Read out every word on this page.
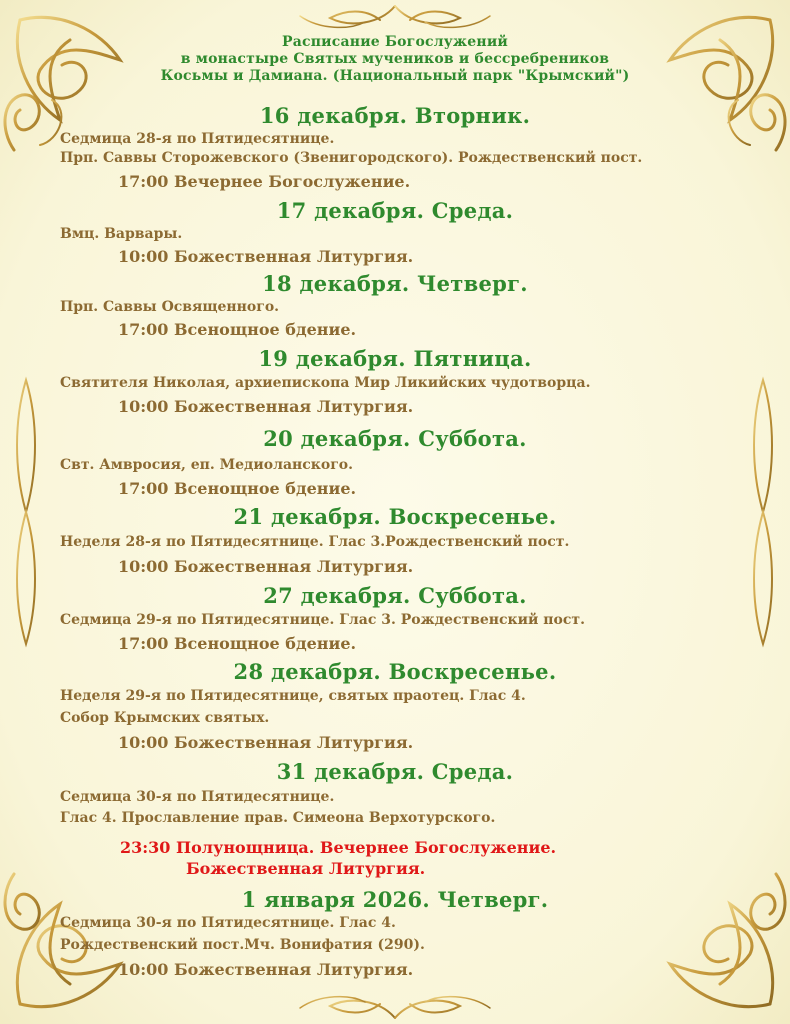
Расписание Богослужений
в монастыре Святых мучеников и бессребреников
Косьмы и Дамиана. (Национальный парк "Крымский")
16 декабря. Вторник.
Седмица 28-я по Пятидесятнице.
Прп. Саввы Сторожевского (Звенигородского). Рождественский пост.
17:00 Вечернее Богослужение.
17 декабря. Среда.
Вмц. Варвары.
10:00 Божественная Литургия.
18 декабря. Четверг.
Прп. Саввы Освященного.
17:00 Всенощное бдение.
19 декабря. Пятница.
Святителя Николая, архиепископа Мир Ликийских чудотворца.
10:00 Божественная Литургия.
20 декабря. Суббота.
Свт. Амвросия, еп. Медиоланского.
17:00 Всенощное бдение.
21 декабря. Воскресенье.
Неделя 28-я по Пятидесятнице. Глас 3.Рождественский пост.
10:00 Божественная Литургия.
27 декабря. Суббота.
Седмица 29-я по Пятидесятнице. Глас 3. Рождественский пост.
17:00 Всенощное бдение.
28 декабря. Воскресенье.
Неделя 29-я по Пятидесятнице, святых праотец. Глас 4.
Собор Крымских святых.
10:00 Божественная Литургия.
31 декабря. Среда.
Седмица 30-я по Пятидесятнице.
Глас 4. Прославление прав. Симеона Верхотурского.
23:30 Полунощница. Вечернее Богослужение.
Божественная Литургия.
1 января 2026. Четверг.
Седмица 30-я по Пятидесятнице. Глас 4.
Рождественский пост.Мч. Вонифатия (290).
10:00 Божественная Литургия.
